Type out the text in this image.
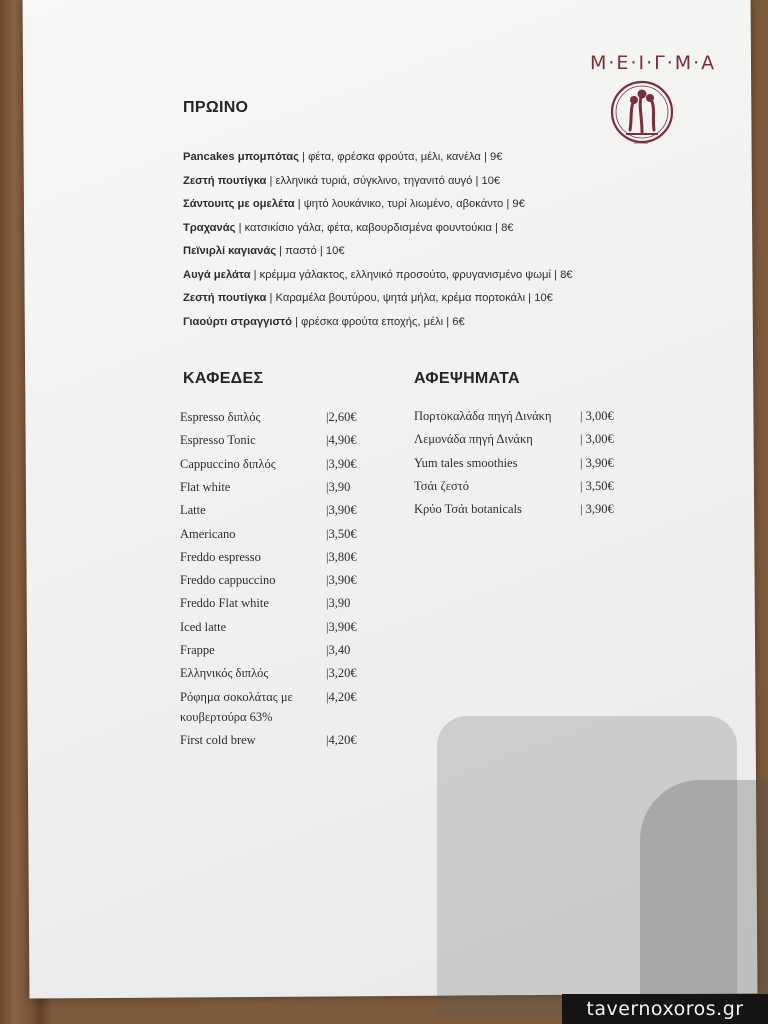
Μ·Ε·Ι·Γ·Μ·Α
ΑΘΗΝΑ
ΠΡΩΙΝΟ
Pancakes μπομπότας | φέτα, φρέσκα φρούτα, μέλι, κανέλα | 9€
Ζεστή πουτίγκα | ελληνικά τυριά, σύγκλινο, τηγανιτό αυγό | 10€
Σάντουιτς με ομελέτα | ψητό λουκάνικο, τυρί λιωμένο, αβοκάντο | 9€
Τραχανάς | κατσικίσιο γάλα, φέτα, καβουρδισμένα φουντούκια | 8€
Πεϊνιρλί καγιανάς | παστό | 10€
Αυγά μελάτα | κρέμμα γάλακτος, ελληνικό προσούτο, φρυγανισμένο ψωμί | 8€
Ζεστή πουτίγκα | Καραμέλα βουτύρου, ψητά μήλα, κρέμα πορτοκάλι | 10€
Γιαούρτι στραγγιστό | φρέσκα φρούτα εποχής, μέλι | 6€
ΚΑΦΕΔΕΣ
Espresso διπλός	|2,60€
Espresso Tonic	|4,90€
Cappuccino διπλός	|3,90€
Flat white	|3,90
Latte	|3,90€
Americano	|3,50€
Freddo espresso	|3,80€
Freddo cappuccino	|3,90€
Freddo Flat white	|3,90
Iced latte	|3,90€
Frappe	|3,40
Ελληνικός διπλός	|3,20€
Ρόφημα σοκολάτας με	|4,20€
κουβερτούρα 63%
First cold brew	|4,20€
ΑΦΕΨΗΜΑΤΑ
Πορτοκαλάδα πηγή Δινάκη | 3,00€
Λεμονάδα πηγή Δινάκη	| 3,00€
Yum tales smoothies	| 3,90€
Τσάι ζεστό	| 3,50€
Κρύο Τσάι botanicals	| 3,90€
tavernoxoros.gr
